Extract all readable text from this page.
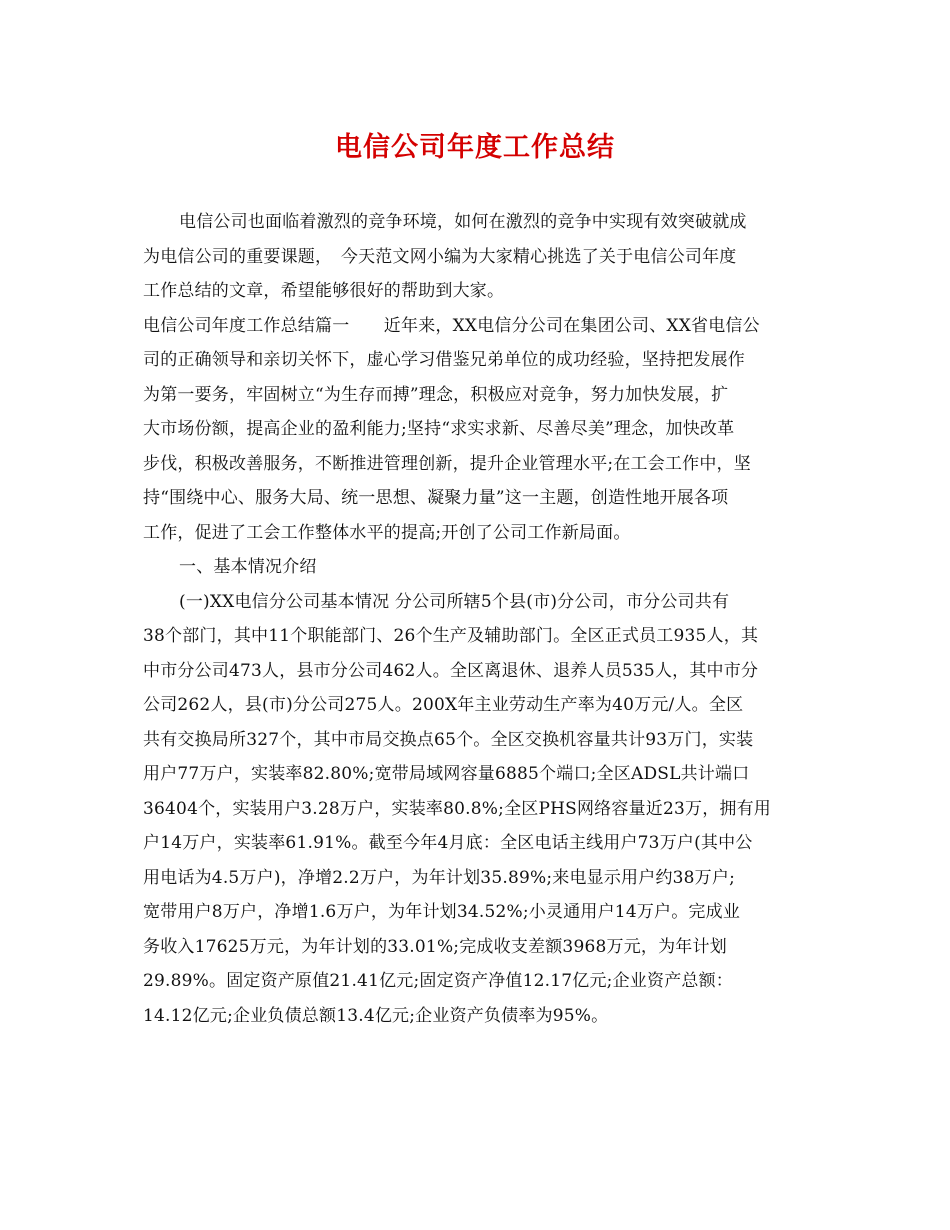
电信公司年度工作总结
电信公司也面临着激烈的竞争环境，如何在激烈的竞争中实现有效突破就成
为电信公司的重要课题，　今天范文网小编为大家精心挑选了关于电信公司年度
工作总结的文章，希望能够很好的帮助到大家。
电信公司年度工作总结篇一　　近年来，XX电信分公司在集团公司、XX省电信公
司的正确领导和亲切关怀下，虚心学习借鉴兄弟单位的成功经验，坚持把发展作
为第一要务，牢固树立“为生存而搏”理念，积极应对竞争，努力加快发展，扩
大市场份额，提高企业的盈利能力;坚持“求实求新、尽善尽美”理念，加快改革
步伐，积极改善服务，不断推进管理创新，提升企业管理水平;在工会工作中，坚
持“围绕中心、服务大局、统一思想、凝聚力量”这一主题，创造性地开展各项
工作，促进了工会工作整体水平的提高;开创了公司工作新局面。
一、基本情况介绍
(一)XX电信分公司基本情况 分公司所辖5个县(市)分公司，市分公司共有
38个部门，其中11个职能部门、26个生产及辅助部门。全区正式员工935人，其
中市分公司473人，县市分公司462人。全区离退休、退养人员535人，其中市分
公司262人，县(市)分公司275人。200X年主业劳动生产率为40万元/人。全区
共有交换局所327个，其中市局交换点65个。全区交换机容量共计93万门，实装
用户77万户，实装率82.80%;宽带局域网容量6885个端口;全区ADSL共计端口
36404个，实装用户3.28万户，实装率80.8%;全区PHS网络容量近23万，拥有用
户14万户，实装率61.91%。截至今年4月底：全区电话主线用户73万户(其中公
用电话为4.5万户)，净增2.2万户，为年计划35.89%;来电显示用户约38万户;
宽带用户8万户，净增1.6万户，为年计划34.52%;小灵通用户14万户。完成业
务收入17625万元，为年计划的33.01%;完成收支差额3968万元，为年计划
29.89%。固定资产原值21.41亿元;固定资产净值12.17亿元;企业资产总额：
14.12亿元;企业负债总额13.4亿元;企业资产负债率为95%。
